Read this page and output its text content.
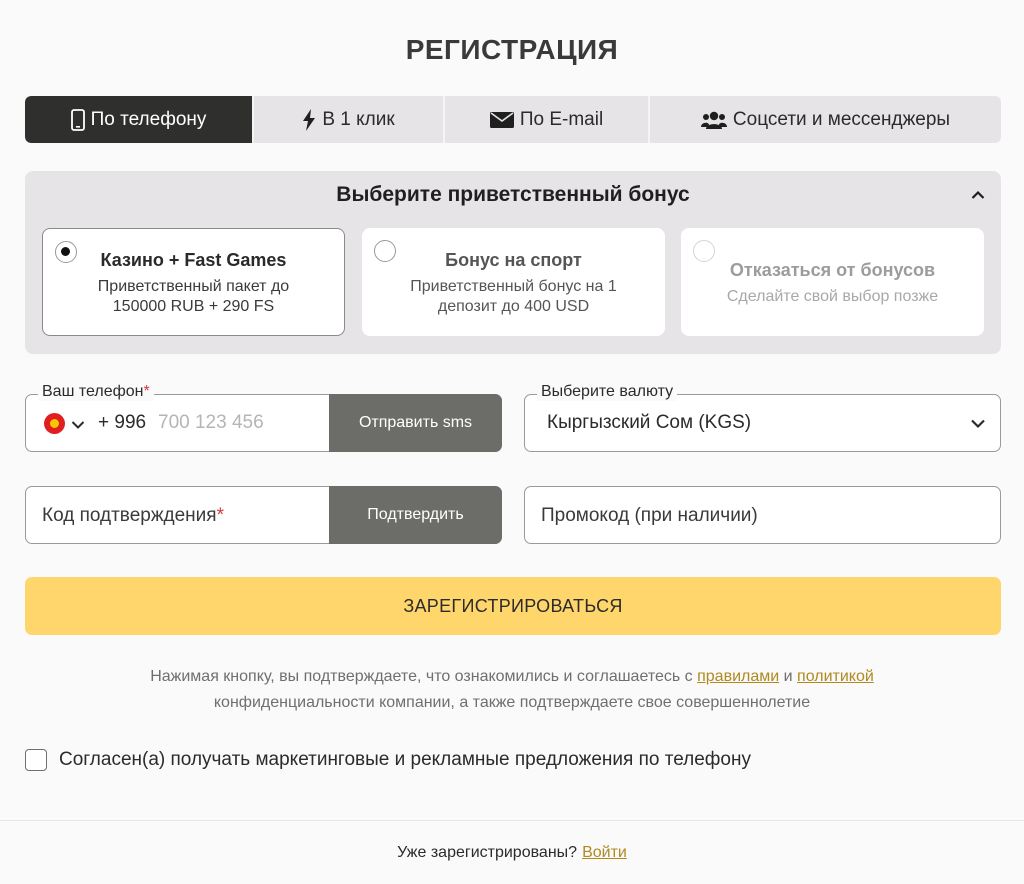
РЕГИСТРАЦИЯ
По телефону	В 1 клик	По E-mail	Соцсети и мессенджеры
Выберите приветственный бонус
Казино + Fast Games
Приветственный пакет до 150000 RUB + 290 FS
Бонус на спорт
Приветственный бонус на 1 депозит до 400 USD
Отказаться от бонусов
Сделайте свой выбор позже
Ваш телефон*
+ 996
700 123 456	Отправить sms
Выберите валюту
Кыргызский Сом (KGS)
Код подтверждения*	Подтвердить	Промокод (при наличии)
ЗАРЕГИСТРИРОВАТЬСЯ
Нажимая кнопку, вы подтверждаете, что ознакомились и соглашаетесь с правилами и политикой
конфиденциальности компании, а также подтверждаете свое совершеннолетие
Согласен(а) получать маркетинговые и рекламные предложения по телефону
Уже зарегистрированы? Войти
